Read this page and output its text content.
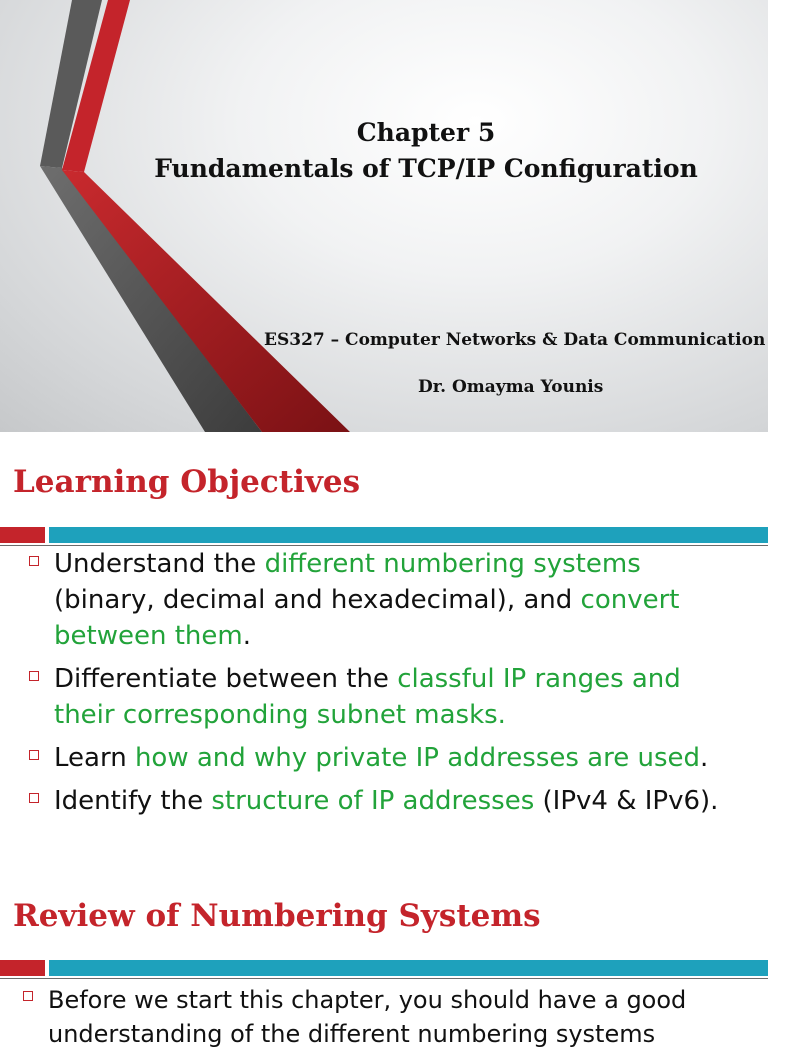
Chapter 5
Fundamentals of TCP/IP Configuration
ES327 – Computer Networks & Data Communication
Dr. Omayma Younis
Learning Objectives
Understand the different numbering systems (binary, decimal and hexadecimal), and convert between them.
Differentiate between the classful IP ranges and their corresponding subnet masks.
Learn how and why private IP addresses are used.
Identify the structure of IP addresses (IPv4 & IPv6).
Review of Numbering Systems
Before we start this chapter, you should have a good understanding of the different numbering systems
